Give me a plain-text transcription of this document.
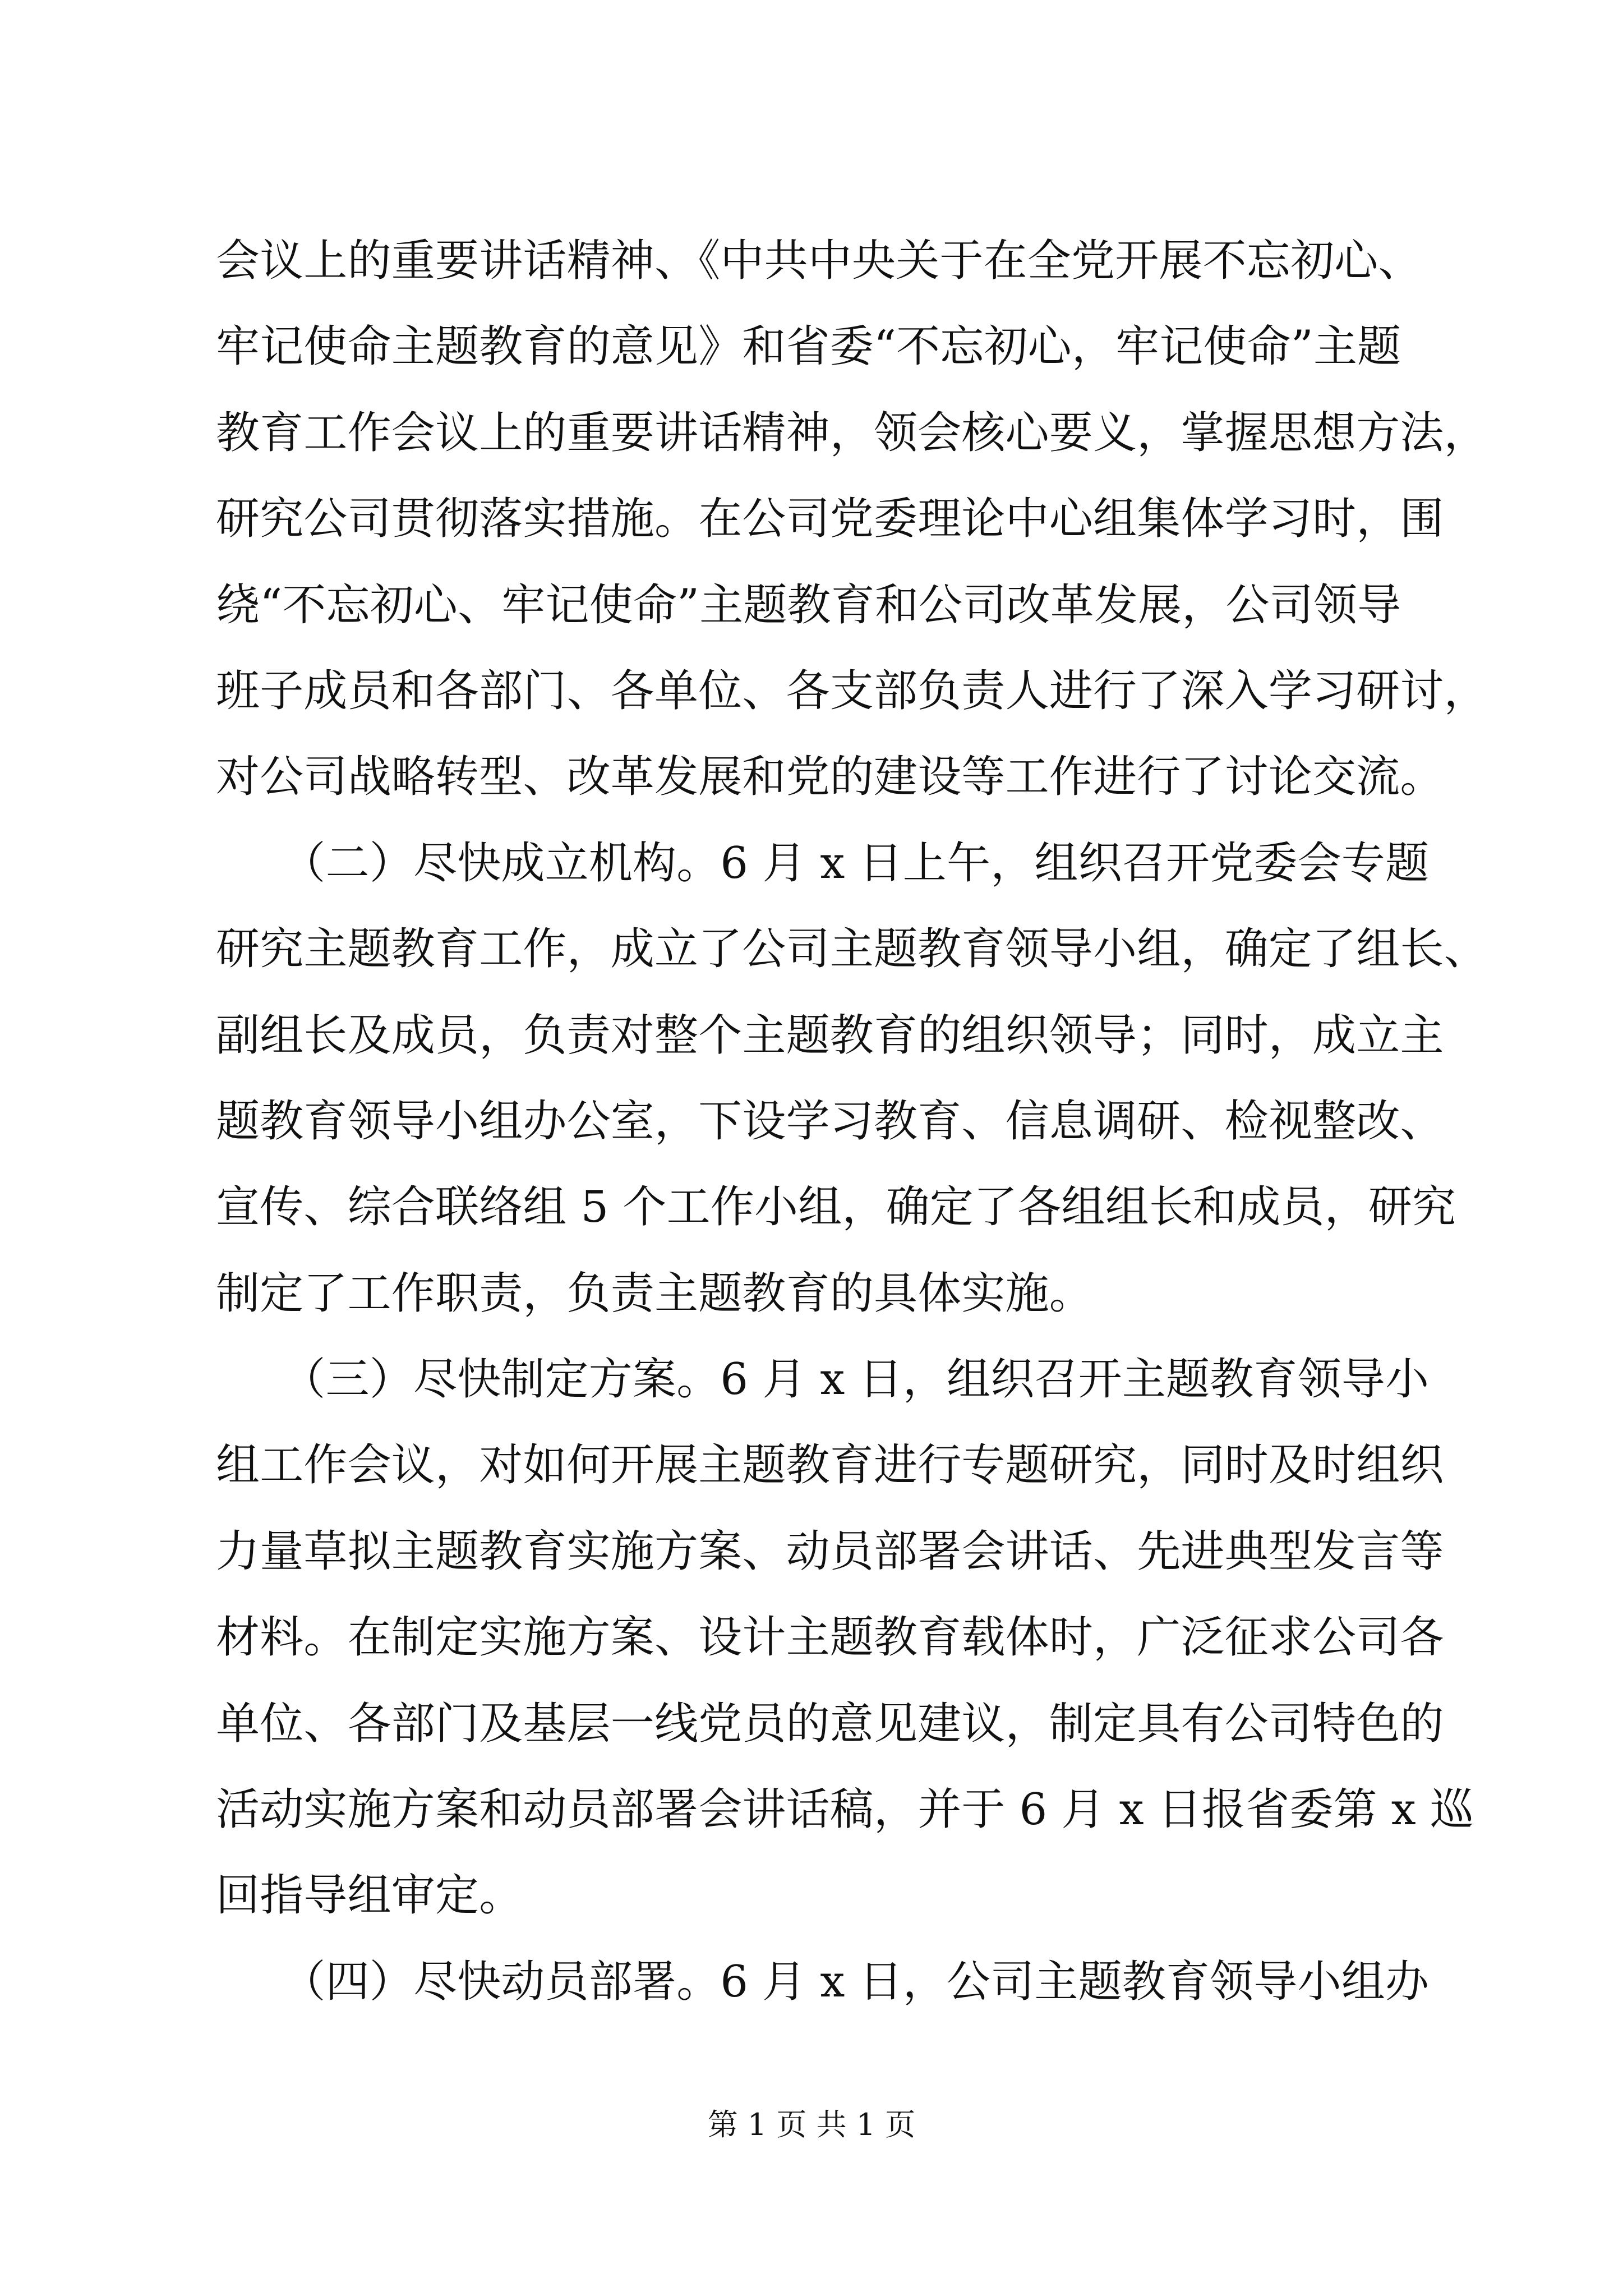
会议上的重要讲话精神、《中共中央关于在全党开展不忘初心、
牢记使命主题教育的意见》和省委“不忘初心，牢记使命”主题
教育工作会议上的重要讲话精神，领会核心要义，掌握思想方法，
研究公司贯彻落实措施。在公司党委理论中心组集体学习时，围
绕“不忘初心、牢记使命”主题教育和公司改革发展，公司领导
班子成员和各部门、各单位、各支部负责人进行了深入学习研讨，
对公司战略转型、改革发展和党的建设等工作进行了讨论交流。
　　（二）尽快成立机构。6 月 x 日上午，组织召开党委会专题
研究主题教育工作，成立了公司主题教育领导小组，确定了组长、
副组长及成员，负责对整个主题教育的组织领导；同时，成立主
题教育领导小组办公室，下设学习教育、信息调研、检视整改、
宣传、综合联络组 5 个工作小组，确定了各组组长和成员，研究
制定了工作职责，负责主题教育的具体实施。
　　（三）尽快制定方案。6 月 x 日，组织召开主题教育领导小
组工作会议，对如何开展主题教育进行专题研究，同时及时组织
力量草拟主题教育实施方案、动员部署会讲话、先进典型发言等
材料。在制定实施方案、设计主题教育载体时，广泛征求公司各
单位、各部门及基层一线党员的意见建议，制定具有公司特色的
活动实施方案和动员部署会讲话稿，并于 6 月 x 日报省委第 x 巡
回指导组审定。
　　（四）尽快动员部署。6 月 x 日，公司主题教育领导小组办
第 1 页 共 1 页
